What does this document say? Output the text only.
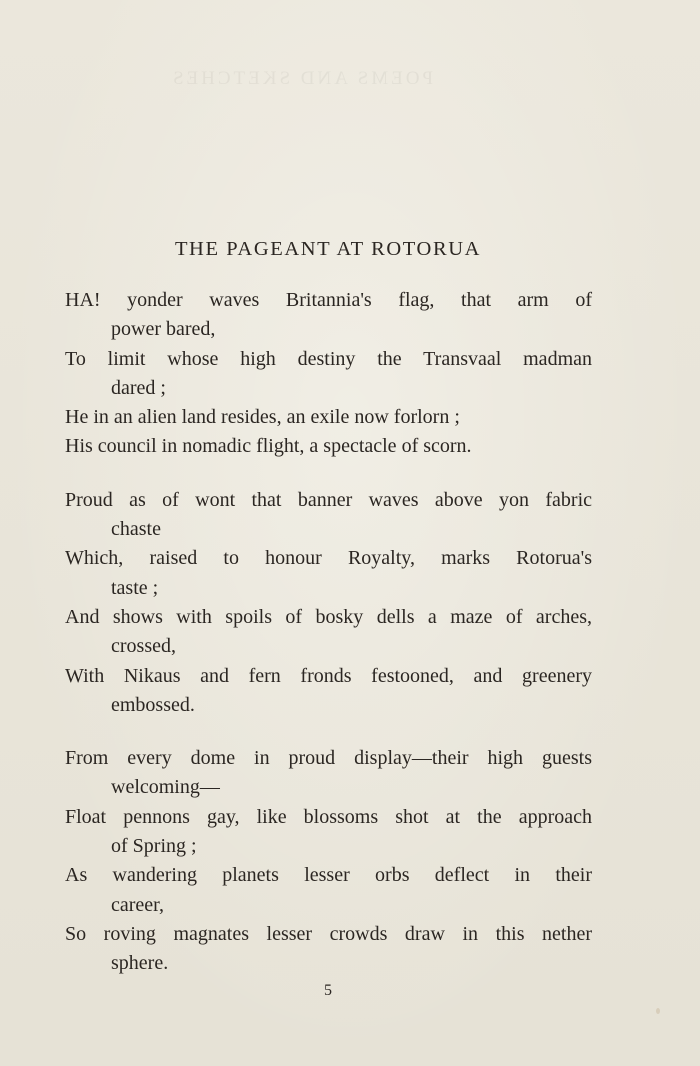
POEMS AND SKETCHES
THE PAGEANT AT ROTORUA

HA! yonder waves Britannia's flag, that arm of

power bared,

To limit whose high destiny the Transvaal madman

dared ;

He in an alien land resides, an exile now forlorn ;

His council in nomadic flight, a spectacle of scorn.

Proud as of wont that banner waves above yon fabric

chaste

Which, raised to honour Royalty, marks Rotorua's

taste ;

And shows with spoils of bosky dells a maze of arches,

crossed,

With Nikaus and fern fronds festooned, and greenery

embossed.

From every dome in proud display—their high guests

welcoming—

Float pennons gay, like blossoms shot at the approach

of Spring ;

As wandering planets lesser orbs deflect in their

career,

So roving magnates lesser crowds draw in this nether

sphere.

5
